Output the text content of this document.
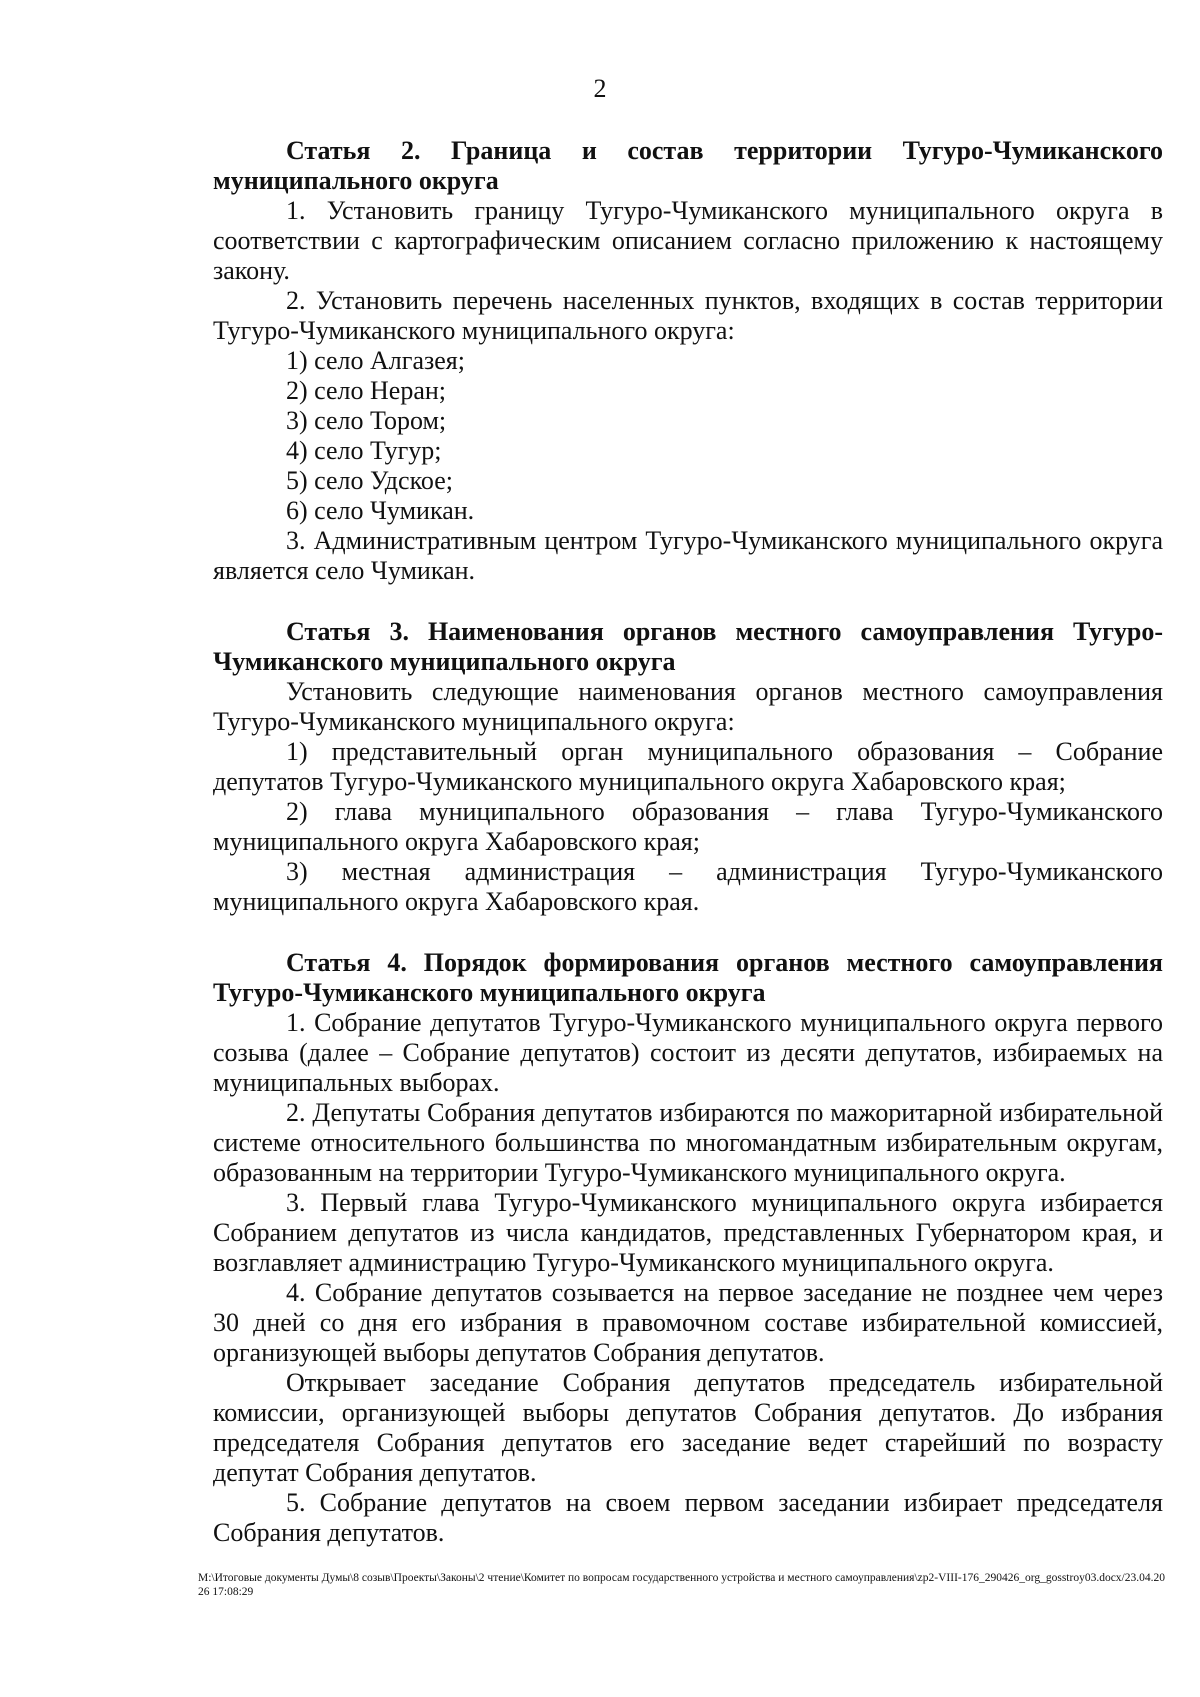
2

Статья 2. Граница и состав территории Тугуро-Чумиканского муниципального округа

1. Установить границу Тугуро-Чумиканского муниципального округа в соответствии с картографическим описанием согласно приложению к настоящему закону.

2. Установить перечень населенных пунктов, входящих в состав территории Тугуро-Чумиканского муниципального округа:

1) село Алгазея;

2) село Неран;

3) село Тором;

4) село Тугур;

5) село Удское;

6) село Чумикан.

3. Административным центром Тугуро-Чумиканского муниципального округа является село Чумикан.

Статья 3. Наименования органов местного самоуправления Тугуро-Чумиканского муниципального округа

Установить следующие наименования органов местного самоуправления Тугуро-Чумиканского муниципального округа:

1) представительный орган муниципального образования – Собрание депутатов Тугуро-Чумиканского муниципального округа Хабаровского края;

2) глава муниципального образования – глава Тугуро-Чумиканского муниципального округа Хабаровского края;

3) местная администрация – администрация Тугуро-Чумиканского муниципального округа Хабаровского края.

Статья 4. Порядок формирования органов местного самоуправления Тугуро-Чумиканского муниципального округа

1. Собрание депутатов Тугуро-Чумиканского муниципального округа первого созыва (далее – Собрание депутатов) состоит из десяти депутатов, избираемых на муниципальных выборах.

2. Депутаты Собрания депутатов избираются по мажоритарной избирательной системе относительного большинства по многомандатным избирательным округам, образованным на территории Тугуро-Чумиканского муниципального округа.

3. Первый глава Тугуро-Чумиканского муниципального округа избирается Собранием депутатов из числа кандидатов, представленных Губернатором края, и возглавляет администрацию Тугуро-Чумиканского муниципального округа.

4. Собрание депутатов созывается на первое заседание не позднее чем через 30 дней со дня его избрания в правомочном составе избирательной комиссией, организующей выборы депутатов Собрания депутатов.

Открывает заседание Собрания депутатов председатель избирательной комиссии, организующей выборы депутатов Собрания депутатов. До избрания председателя Собрания депутатов его заседание ведет старейший по возрасту депутат Собрания депутатов.

5. Собрание депутатов на своем первом заседании избирает председателя Собрания депутатов.

M:\Итоговые документы Думы\8 созыв\Проекты\Законы\2 чтение\Комитет по вопросам государственного устройства и местного самоуправления\zp2-VIII-176_290426_org_gosstroy03.docx/23.04.2026 17:08:29
